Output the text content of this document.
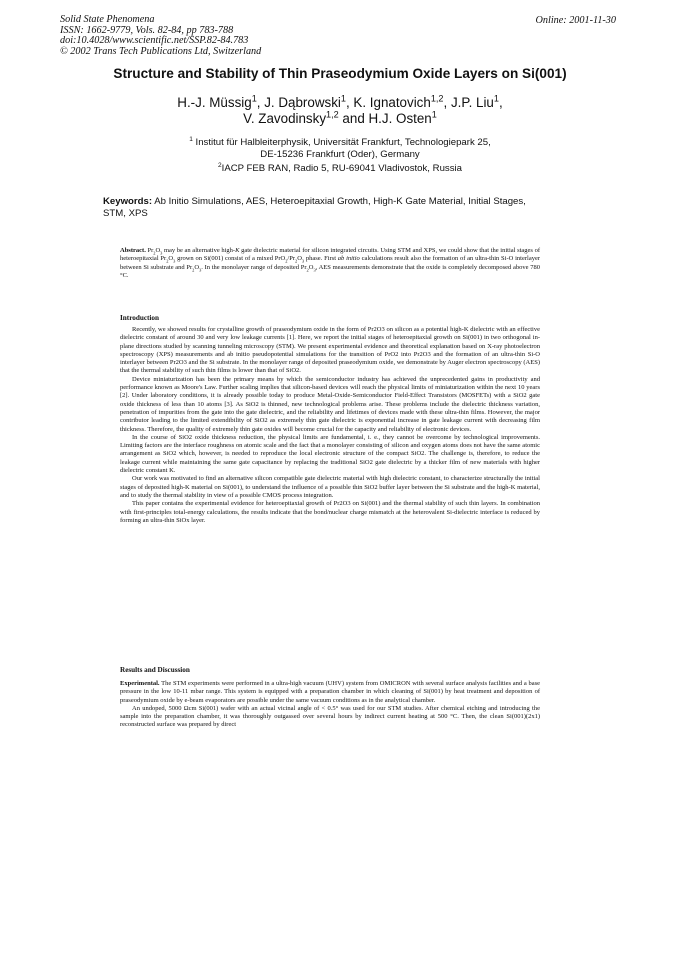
Solid State Phenomena
ISSN: 1662-9779, Vols. 82-84, pp 783-788
doi:10.4028/www.scientific.net/SSP.82-84.783
© 2002 Trans Tech Publications Ltd, Switzerland
Online: 2001-11-30
Structure and Stability of Thin Praseodymium Oxide Layers on Si(001)
H.-J. Müssig$^1$, J. Dąbrowski$^1$, K. Ignatovich$^{1,2}$, J.P. Liu$^1$,
V. Zavodinsky$^{1,2}$ and H.J. Osten$^1$
$^1$ Institut für Halbleiterphysik, Universität Frankfurt, Technologiepark 25,
DE-15236 Frankfurt (Oder), Germany
$^2$IACP FEB RAN, Radio 5, RU-69041 Vladivostok, Russia
Keywords: Ab Initio Simulations, AES, Heteroepitaxial Growth, High-K Gate Material, Initial Stages, STM, XPS

Abstract. $Pr_2O_3$ may be an alternative high-K gate dielectric material for silicon integrated circuits. Using STM and XPS, we could show that the initial stages of heteroepitaxial $Pr_2O_3$ grown on Si(001) consist of a mixed $PrO_2/Pr_2O_3$ phase. First ab initio calculations result also the formation of an ultra-thin Si-O interlayer between Si substrate and $Pr_2O_3$. In the monolayer range of deposited $Pr_2O_3$, AES measurements demonstrate that the oxide is completely decomposed above 780 °C.

Introduction

Recently, we showed results for crystalline growth of praseodymium oxide in the form of Pr2O3 on silicon as a potential high-K dielectric with an effective dielectric constant of around 30 and very low leakage currents [1]. Here, we report the initial stages of heteroepitaxial growth on Si(001) in two orthogonal in-plane directions studied by scanning tunneling microscopy (STM). We present experimental evidence and theoretical explanation based on X-ray photoelectron spectroscopy (XPS) measurements and ab initio pseudopotential simulations for the transition of PrO2 into Pr2O3 and the formation of an ultra-thin Si-O interlayer between Pr2O3 and the Si substrate. In the monolayer range of deposited praseodymium oxide, we demonstrate by Auger electron spectroscopy (AES) that the thermal stability of such thin films is lower than that of SiO2.

Device miniaturization has been the primary means by which the semiconductor industry has achieved the unprecedented gains in productivity and performance known as Moore's Law. Further scaling implies that silicon-based devices will reach the physical limits of miniaturization within the next 10 years [2]. Under laboratory conditions, it is already possible today to produce Metal-Oxide-Semiconductor Field-Effect Transistors (MOSFETs) with a SiO2 gate oxide thickness of less than 10 atoms [3]. As SiO2 is thinned, new technological problems arise. These problems include the dielectric thickness variation, penetration of impurities from the gate into the gate dielectric, and the reliability and lifetimes of devices made with these ultra-thin films. However, the major contributor leading to the limited extendibility of SiO2 as extremely thin gate dielectric is exponential increase in gate leakage current with decreasing film thickness. Therefore, the quality of extremely thin gate oxides will become crucial for the capacity and reliability of electronic devices.

In the course of SiO2 oxide thickness reduction, the physical limits are fundamental, i. e., they cannot be overcome by technological improvements. Limiting factors are the interface roughness on atomic scale and the fact that a monolayer consisting of silicon and oxygen atoms does not have the same atomic arrangement as SiO2 which, however, is needed to reproduce the local electronic structure of the compact SiO2. The challenge is, therefore, to reduce the leakage current while maintaining the same gate capacitance by replacing the traditional SiO2 gate dielectric by a thicker film of new materials with higher dielectric constant K.

Our work was motivated to find an alternative silicon compatible gate dielectric material with high dielectric constant, to characterize structurally the initial stages of deposited high-K material on Si(001), to understand the influence of a possible thin SiO2 buffer layer between the Si substrate and the high-K material, and to study the thermal stability in view of a possible CMOS process integration.

This paper contains the experimental evidence for heteroepitaxial growth of Pr2O3 on Si(001) and the thermal stability of such thin layers. In combination with first-principles total-energy calculations, the results indicate that the bond/nuclear charge mismatch at the heterovalent Si-dielectric interface is reduced by forming an ultra-thin SiOx layer.

Results and Discussion

Experimental. The STM experiments were performed in a ultra-high vacuum (UHV) system from OMICRON with several surface analysis facilities and a base pressure in the low 10-11 mbar range. This system is equipped with a preparation chamber in which cleaning of Si(001) by heat treatment and deposition of praseodymium oxide by e-beam evaporators are possible under the same vacuum conditions as in the analytical chamber.

An undoped, 5000 Ωcm Si(001) wafer with an actual vicinal angle of < 0.5° was used for our STM studies. After chemical etching and introducing the sample into the preparation chamber, it was thoroughly outgassed over several hours by indirect current heating at 500 °C. Then, the clean Si(001)(2x1) reconstructed surface was prepared by direct
